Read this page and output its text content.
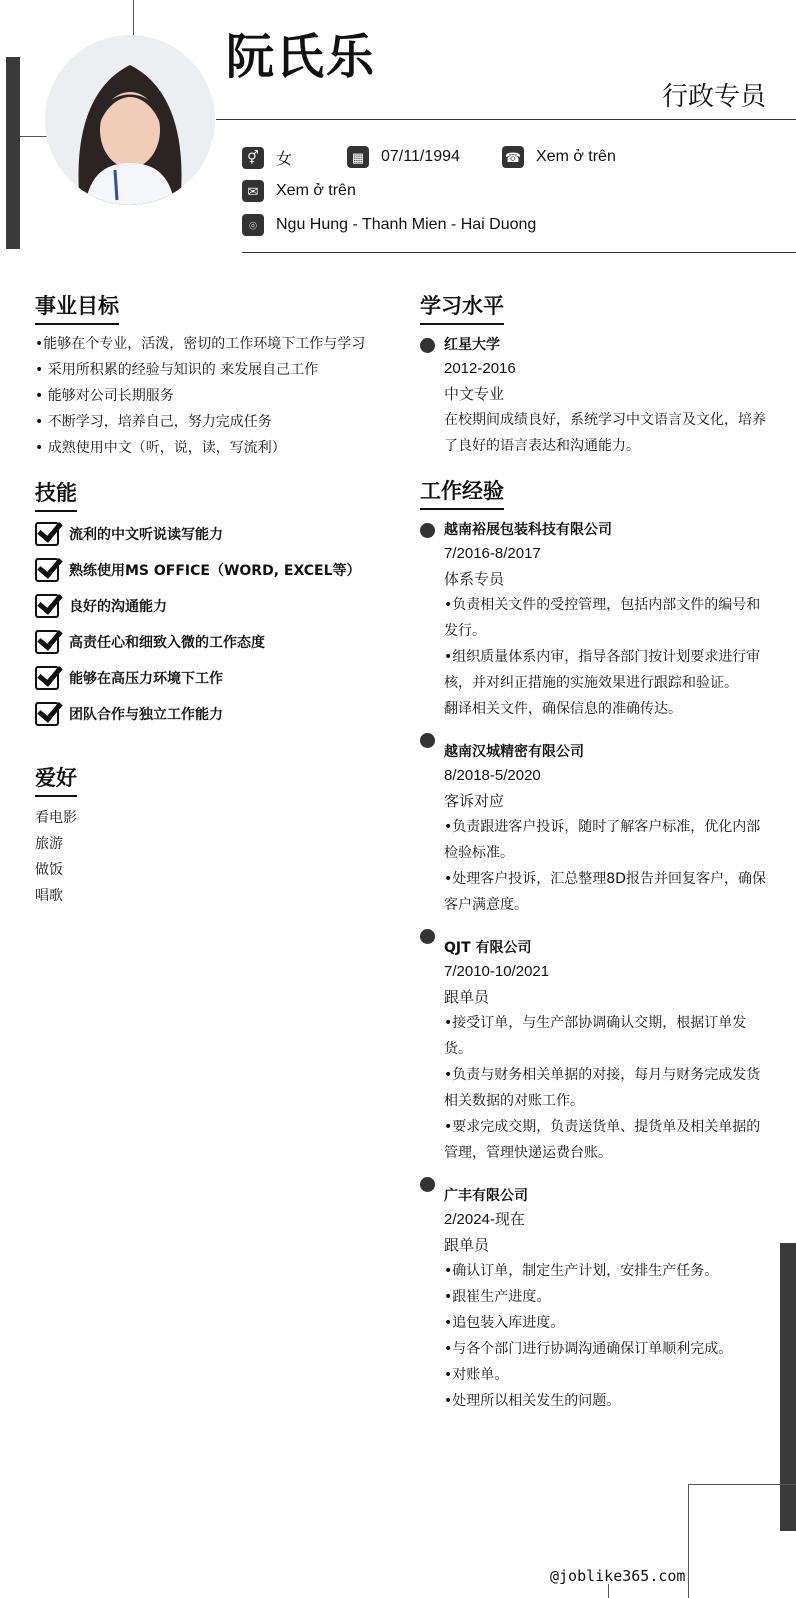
阮氏乐
行政专员
⚥	女	▦	07/11/1994	☎ Xem ở trên
✉	Xem ở trên
⌾	Ngu Hung - Thanh Mien - Hai Duong
事业目标
•能够在个专业，活泼，密切的工作环境下工作与学习
• 采用所积累的经验与知识的 来发展自己工作
• 能够对公司长期服务
• 不断学习，培养自己，努力完成任务
• 成熟使用中文（听，说，读，写流利）
技能
流利的中文听说读写能力
熟练使用MS OFFICE（WORD, EXCEL等）
良好的沟通能力
高责任心和细致入微的工作态度
能够在高压力环境下工作
团队合作与独立工作能力
爱好
看电影
旅游
做饭
唱歌
学习水平
红星大学
2012-2016
中文专业
在校期间成绩良好，系统学习中文语言及文化，培养了良好的语言表达和沟通能力。
工作经验
越南裕展包装科技有限公司
7/2016-8/2017
体系专员
•负责相关文件的受控管理，包括内部文件的编号和发行。
•组织质量体系内审，指导各部门按计划要求进行审核，并对纠正措施的实施效果进行跟踪和验证。
翻译相关文件，确保信息的准确传达。
越南汉城精密有限公司
8/2018-5/2020
客诉对应
•负责跟进客户投诉，随时了解客户标准，优化内部检验标准。
•处理客户投诉，汇总整理8D报告并回复客户，确保客户满意度。
QJT 有限公司
7/2010-10/2021
跟单员
•接受订单，与生产部协调确认交期，根据订单发货。
•负责与财务相关单据的对接，每月与财务完成发货相关数据的对账工作。
•要求完成交期，负责送货单、提货单及相关单据的管理，管理快递运费台账。
广丰有限公司
2/2024-现在
跟单员
•确认订单，制定生产计划，安排生产任务。
•跟崔生产进度。
•追包装入库进度。
•与各个部门进行协调沟通确保订单顺利完成。
•对账单。
•处理所以相关发生的问题。
@joblike365.com
